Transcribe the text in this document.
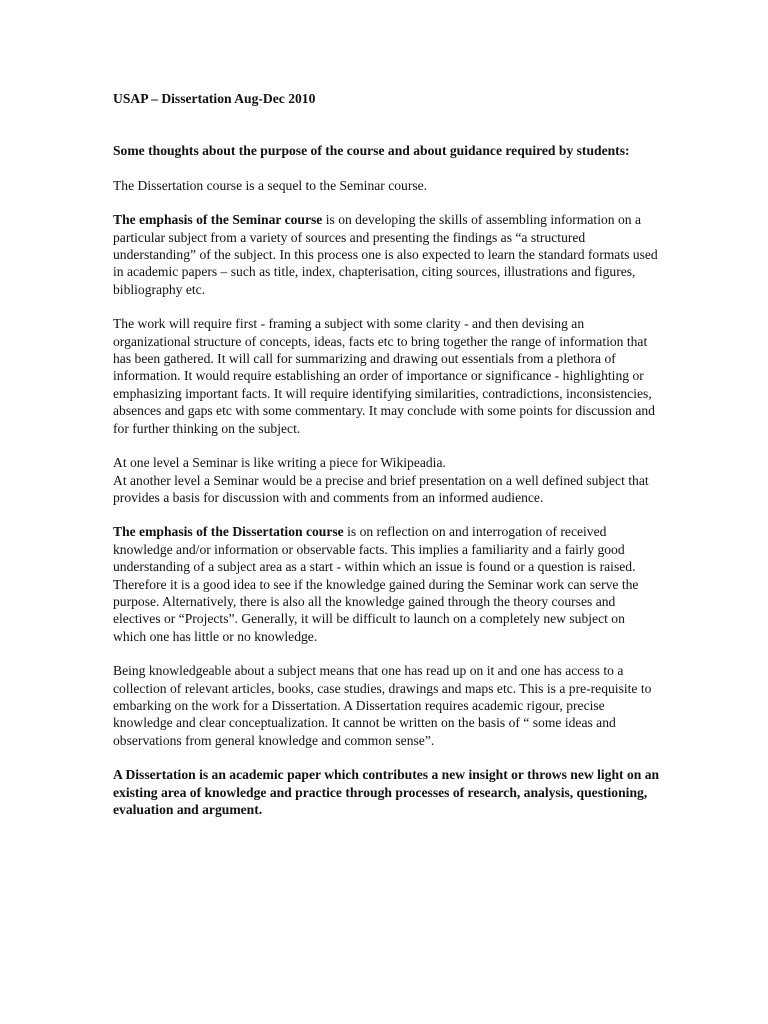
USAP – Dissertation Aug-Dec 2010

Some thoughts about the purpose of the course and about guidance required by students:

The Dissertation course is a sequel to the Seminar course.

The emphasis of the Seminar course is on developing the skills of assembling information on a particular subject from a variety of sources and presenting the findings as “a structured understanding” of the subject. In this process one is also expected to learn the standard formats used in academic papers – such as title, index, chapterisation, citing sources, illustrations and figures, bibliography etc.

The work will require first - framing a subject with some clarity - and then devising an organizational structure of concepts, ideas, facts etc to bring together the range of information that has been gathered. It will call for summarizing and drawing out essentials from a plethora of information. It would require establishing an order of importance or significance - highlighting or emphasizing important facts. It will require identifying similarities, contradictions, inconsistencies, absences and gaps etc with some commentary. It may conclude with some points for discussion and for further thinking on the subject.

At one level a Seminar is like writing a piece for Wikipeadia.

At another level a Seminar would be a precise and brief presentation on a well defined subject that provides a basis for discussion with and comments from an informed audience.

The emphasis of the Dissertation course is on reflection on and interrogation of received knowledge and/or information or observable facts. This implies a familiarity and a fairly good understanding of a subject area as a start - within which an issue is found or a question is raised.

Therefore it is a good idea to see if the knowledge gained during the Seminar work can serve the purpose. Alternatively, there is also all the knowledge gained through the theory courses and electives or “Projects”. Generally, it will be difficult to launch on a completely new subject on which one has little or no knowledge.

Being knowledgeable about a subject means that one has read up on it and one has access to a collection of relevant articles, books, case studies, drawings and maps etc. This is a pre-requisite to embarking on the work for a Dissertation. A Dissertation requires academic rigour, precise knowledge and clear conceptualization. It cannot be written on the basis of “ some ideas and observations from general knowledge and common sense”.

A Dissertation is an academic paper which contributes a new insight or throws new light on an existing area of knowledge and practice through processes of research, analysis, questioning, evaluation and argument.
